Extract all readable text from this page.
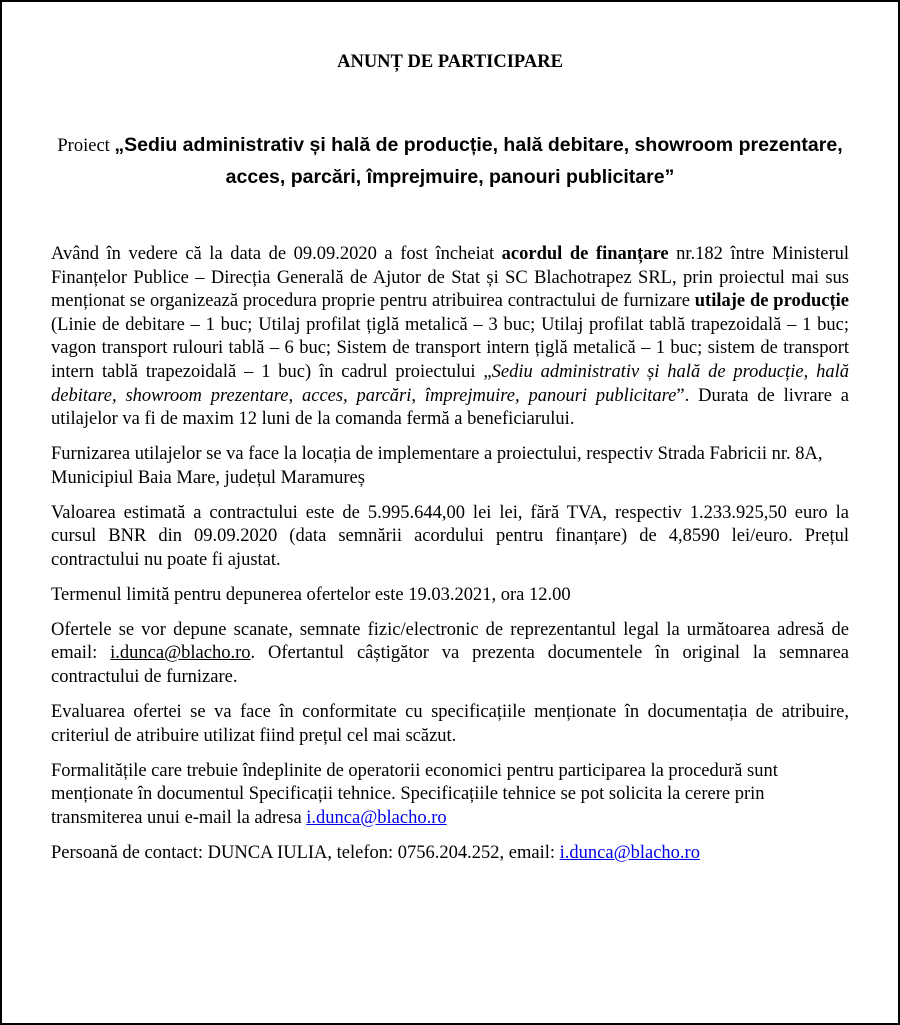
ANUNȚ DE PARTICIPARE
Proiect „Sediu administrativ și hală de producție, hală debitare, showroom prezentare, acces, parcări, împrejmuire, panouri publicitare”

Având în vedere că la data de 09.09.2020 a fost încheiat acordul de finanțare nr.182 între Ministerul Finanțelor Publice – Direcția Generală de Ajutor de Stat și SC Blachotrapez SRL, prin proiectul mai sus menționat se organizează procedura proprie pentru atribuirea contractului de furnizare utilaje de producție (Linie de debitare – 1 buc; Utilaj profilat țiglă metalică – 3 buc; Utilaj profilat tablă trapezoidală – 1 buc; vagon transport rulouri tablă – 6 buc; Sistem de transport intern țiglă metalică – 1 buc; sistem de transport intern tablă trapezoidală – 1 buc) în cadrul proiectului „Sediu administrativ și hală de producție, hală debitare, showroom prezentare, acces, parcări, împrejmuire, panouri publicitare”. Durata de livrare a utilajelor va fi de maxim 12 luni de la comanda fermă a beneficiarului.

Furnizarea utilajelor se va face la locația de implementare a proiectului, respectiv Strada Fabricii nr. 8A, Municipiul Baia Mare, județul Maramureș

Valoarea estimată a contractului este de 5.995.644,00 lei lei, fără TVA, respectiv 1.233.925,50 euro la cursul BNR din 09.09.2020 (data semnării acordului pentru finanțare) de 4,8590 lei/euro. Prețul contractului nu poate fi ajustat.

Termenul limită pentru depunerea ofertelor este 19.03.2021, ora 12.00

Ofertele se vor depune scanate, semnate fizic/electronic de reprezentantul legal la următoarea adresă de email: i.dunca@blacho.ro. Ofertantul câștigător va prezenta documentele în original la semnarea contractului de furnizare.

Evaluarea ofertei se va face în conformitate cu specificațiile menționate în documentația de atribuire, criteriul de atribuire utilizat fiind prețul cel mai scăzut.

Formalitățile care trebuie îndeplinite de operatorii economici pentru participarea la procedură sunt menționate în documentul Specificații tehnice. Specificațiile tehnice se pot solicita la cerere prin transmiterea unui e-mail la adresa i.dunca@blacho.ro

Persoană de contact: DUNCA IULIA, telefon: 0756.204.252, email: i.dunca@blacho.ro
